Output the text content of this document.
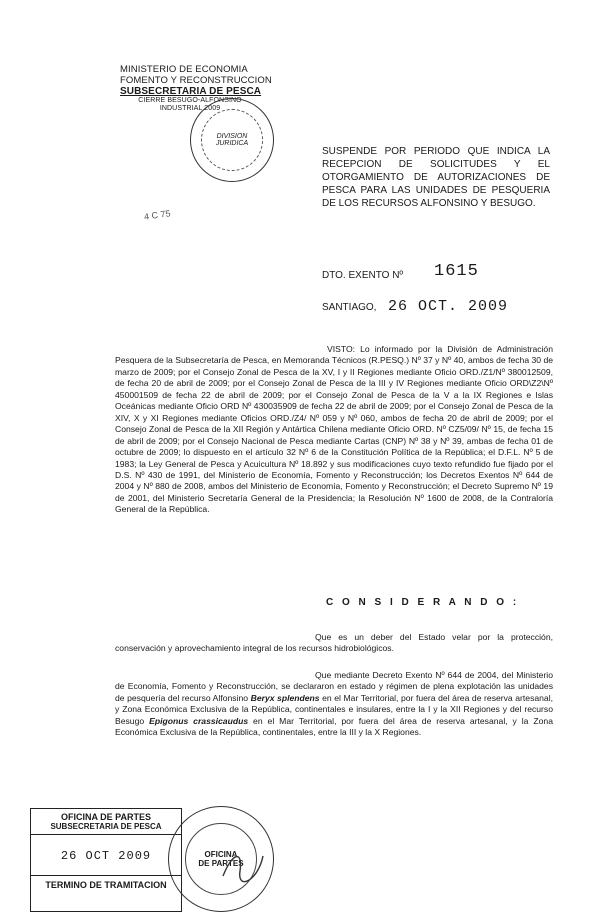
MINISTERIO DE ECONOMIA
FOMENTO Y RECONSTRUCCION
SUBSECRETARIA DE PESCA
CIERRE BESUGO-ALFONSINO
INDUSTRIAL 2009
DIVISION
JURIDICA
4 C 75
SUSPENDE POR PERIODO QUE INDICA LA RECEPCION DE SOLICITUDES Y EL OTORGAMIENTO DE AUTORIZACIONES DE PESCA PARA LAS UNIDADES DE PESQUERIA DE LOS RECURSOS ALFONSINO Y BESUGO.
DTO. EXENTO Nº 1615
SANTIAGO, 26 OCT. 2009
VISTO: Lo informado por la División de Administración Pesquera de la Subsecretaría de Pesca, en Memoranda Técnicos (R.PESQ.) Nº 37 y Nº 40, ambos de fecha 30 de marzo de 2009; por el Consejo Zonal de Pesca de la XV, I y II Regiones mediante Oficio ORD./Z1/Nº 380012509, de fecha 20 de abril de 2009; por el Consejo Zonal de Pesca de la III y IV Regiones mediante Oficio ORD\Z2\Nº 450001509 de fecha 22 de abril de 2009; por el Consejo Zonal de Pesca de la V a la IX Regiones e Islas Oceánicas mediante Oficio ORD Nº 430035909 de fecha 22 de abril de 2009; por el Consejo Zonal de Pesca de la XIV, X y XI Regiones mediante Oficios ORD./Z4/ Nº 059 y Nº 060, ambos de fecha 20 de abril de 2009; por el Consejo Zonal de Pesca de la XII Región y Antártica Chilena mediante Oficio ORD. Nº CZ5/09/ Nº 15, de fecha 15 de abril de 2009; por el Consejo Nacional de Pesca mediante Cartas (CNP) Nº 38 y Nº 39, ambas de fecha 01 de octubre de 2009; lo dispuesto en el artículo 32 Nº 6 de la Constitución Política de la República; el D.F.L. Nº 5 de 1983; la Ley General de Pesca y Acuicultura Nº 18.892 y sus modificaciones cuyo texto refundido fue fijado por el D.S. Nº 430 de 1991, del Ministerio de Economía, Fomento y Reconstrucción; los Decretos Exentos Nº 644 de 2004 y Nº 880 de 2008, ambos del Ministerio de Economía, Fomento y Reconstrucción; el Decreto Supremo Nº 19 de 2001, del Ministerio Secretaría General de la Presidencia; la Resolución Nº 1600 de 2008, de la Contraloría General de la República.
C O N S I D E R A N D O :
Que es un deber del Estado velar por la protección, conservación y aprovechamiento integral de los recursos hidrobiológicos.
Que mediante Decreto Exento Nº 644 de 2004, del Ministerio de Economía, Fomento y Reconstrucción, se declararon en estado y régimen de plena explotación las unidades de pesquería del recurso Alfonsino Beryx splendens en el Mar Territorial, por fuera del área de reserva artesanal, y Zona Económica Exclusiva de la República, continentales e insulares, entre la I y la XII Regiones y del recurso Besugo Epigonus crassicaudus en el Mar Territorial, por fuera del área de reserva artesanal, y la Zona Económica Exclusiva de la República, continentales, entre la III y la X Regiones.
OFICINA DE PARTES
SUBSECRETARIA DE PESCA
26 OCT 2009
TERMINO DE TRAMITACION
OFICINA
DE PARTES
